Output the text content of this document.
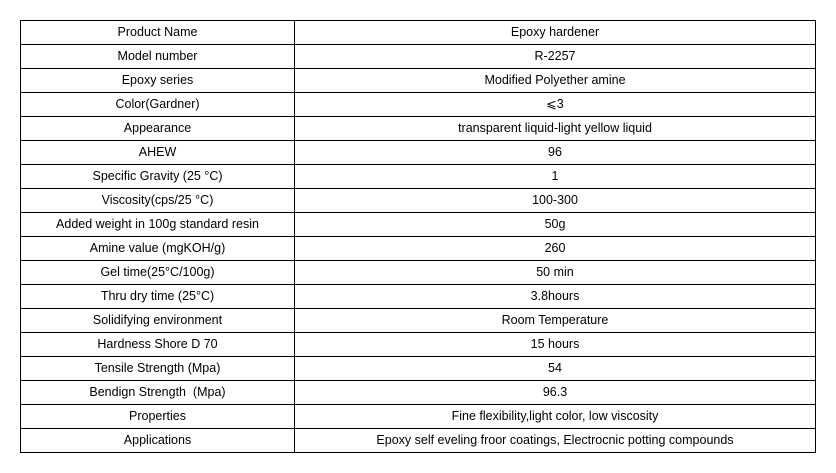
Product Name	Epoxy hardener
Model number	R-2257
Epoxy series	Modified Polyether amine
Color(Gardner)	⩽3
Appearance	transparent liquid-light yellow liquid
AHEW	96
Specific Gravity (25 °C)	1
Viscosity(cps/25 °C)	100-300
Added weight in 100g standard resin	50g
Amine value (mgKOH/g)	260
Gel time(25°C/100g)	50 min
Thru dry time (25°C)	3.8hours
Solidifying environment	Room Temperature
Hardness Shore D 70	15 hours
Tensile Strength (Mpa)	54
Bendign Strength  (Mpa)	96.3
Properties	Fine flexibility,light color, low viscosity
Applications	Epoxy self eveling froor coatings, Electrocnic potting compounds
